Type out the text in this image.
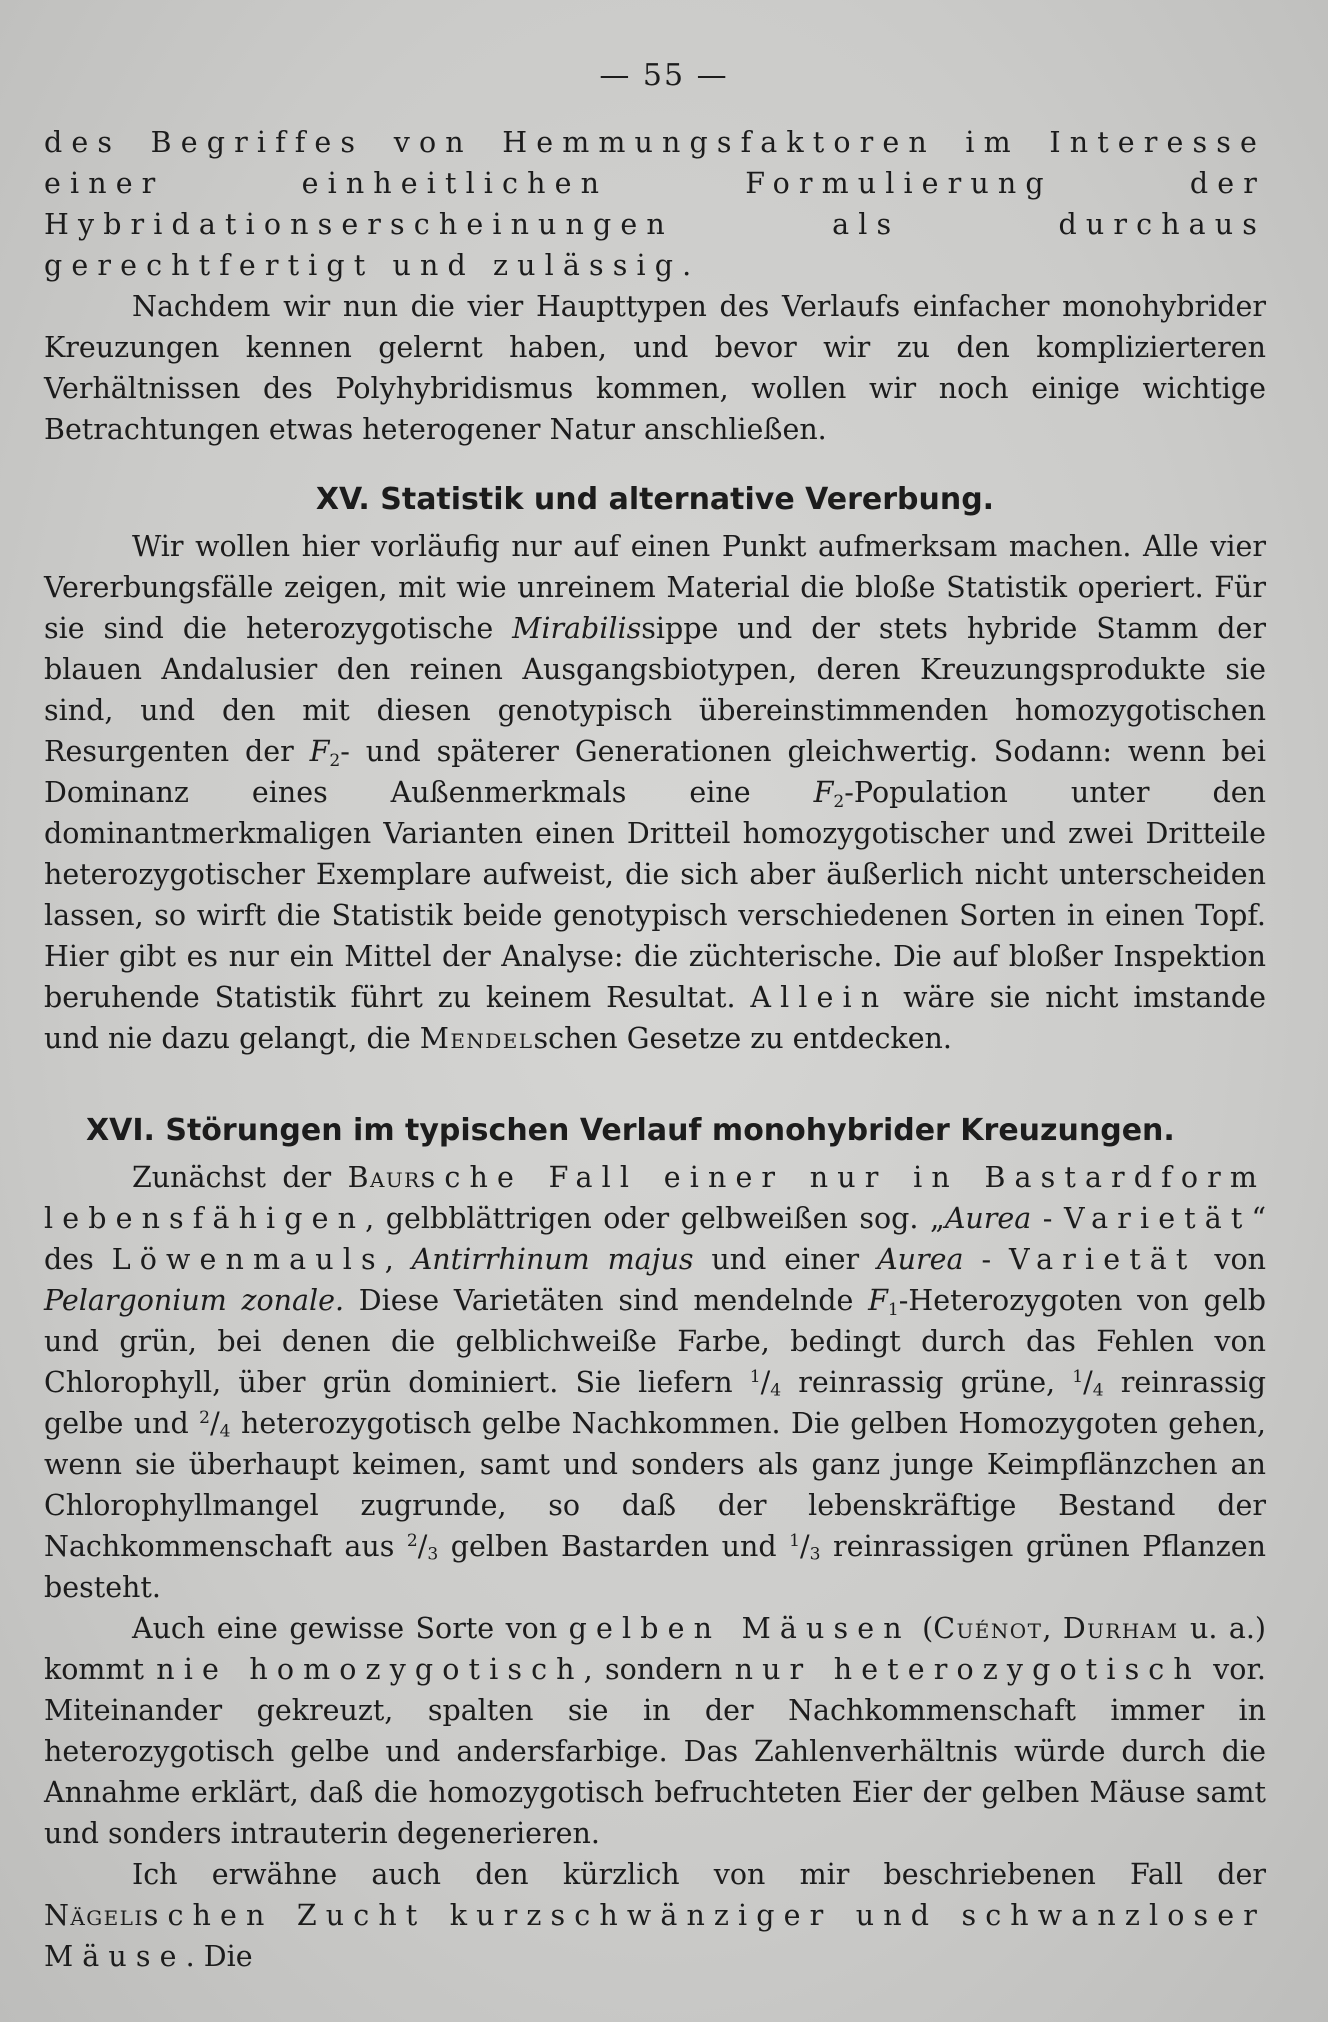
— 55 —

des Begriffes von Hemmungsfaktoren im Interesse einer einheitlichen Formulierung der Hybridationserscheinungen als durchaus gerechtfertigt und zulässig.

Nachdem wir nun die vier Haupttypen des Verlaufs einfacher monohybrider Kreuzungen kennen gelernt haben, und bevor wir zu den komplizierteren Verhältnissen des Polyhybridismus kommen, wollen wir noch einige wichtige Betrachtungen etwas heterogener Natur anschließen.

XV. Statistik und alternative Vererbung.

Wir wollen hier vorläufig nur auf einen Punkt aufmerksam machen. Alle vier Vererbungsfälle zeigen, mit wie unreinem Material die bloße Statistik operiert. Für sie sind die heterozygotische Mirabilissippe und der stets hybride Stamm der blauen Andalusier den reinen Ausgangsbiotypen, deren Kreuzungsprodukte sie sind, und den mit diesen genotypisch übereinstimmenden homozygotischen Resurgenten der $F_2-$ und späterer Generationen gleichwertig. Sodann: wenn bei Dominanz eines Außenmerkmals eine $F_2$-Population unter den dominantmerkmaligen Varianten einen Dritteil homozygotischer und zwei Dritteile heterozygotischer Exemplare aufweist, die sich aber äußerlich nicht unterscheiden lassen, so wirft die Statistik beide genotypisch verschiedenen Sorten in einen Topf. Hier gibt es nur ein Mittel der Analyse: die züchterische. Die auf bloßer Inspektion beruhende Statistik führt zu keinem Resultat. Allein wäre sie nicht imstande und nie dazu gelangt, die Mendelschen Gesetze zu entdecken.

XVI. Störungen im typischen Verlauf monohybrider Kreuzungen.

Zunächst der Baursche Fall einer nur in Bastardform lebensfähigen, gelbblättrigen oder gelbweißen sog. „Aurea - Varietät“ des Löwenmauls, Antirrhinum majus und einer Aurea - Varietät von Pelargonium zonale. Diese Varietäten sind mendelnde $F_1$-Heterozygoten von gelb und grün, bei denen die gelblichweiße Farbe, bedingt durch das Fehlen von Chlorophyll, über grün dominiert. Sie liefern $^1/_4$ reinrassig grüne, $^1/_4$ reinrassig gelbe und $^2/_4$ heterozygotisch gelbe Nachkommen. Die gelben Homozygoten gehen, wenn sie überhaupt keimen, samt und sonders als ganz junge Keimpflänzchen an Chlorophyllmangel zugrunde, so daß der lebenskräftige Bestand der Nachkommenschaft aus $^2/_3$ gelben Bastarden und $^1/_3$ reinrassigen grünen Pflanzen besteht.

Auch eine gewisse Sorte von gelben Mäusen (Cuénot, Durham u. a.) kommt nie homozygotisch, sondern nur heterozygotisch vor. Miteinander gekreuzt, spalten sie in der Nachkommenschaft immer in heterozygotisch gelbe und andersfarbige. Das Zahlenverhältnis würde durch die Annahme erklärt, daß die homozygotisch befruchteten Eier der gelben Mäuse samt und sonders intrauterin degenerieren.

Ich erwähne auch den kürzlich von mir beschriebenen Fall der Nägelischen Zucht kurzschwänziger und schwanzloser Mäuse. Die
